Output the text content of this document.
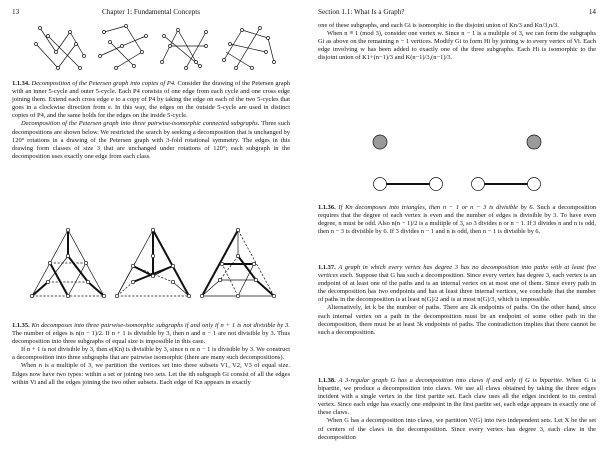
13	Chapter 1: Fundamental Concepts

1.1.34. Decomposition of the Petersen graph into copies of P4. Consider the drawing of the Petersen graph with an inner 5-cycle and outer 5-cycle. Each P4 consists of one edge from each cycle and one cross edge joining them. Extend each cross edge e to a copy of P4 by taking the edge on each of the two 5-cycles that goes in a clockwise direction from e. In this way, the edges on the outside 5-cycle are used in distinct copies of P4, and the same holds for the edges on the inside 5-cycle.

Decomposition of the Petersen graph into three pairwise-isomorphic connected subgraphs. Three such decompositions are shown below. We restricted the search by seeking a decomposition that is unchanged by 120° rotations in a drawing of the Petersen graph with 3-fold rotational symmetry. The edges in this drawing form classes of size 3 that are unchanged under rotations of 120°; each subgraph in the decomposition uses exactly one edge from each class.

1.1.35. Kn decomposes into three pairwise-isomorphic subgraphs if and only if n + 1 is not divisible by 3. The number of edges is n(n − 1)/2. If n + 1 is divisible by 3, then n and n − 1 are not divisible by 3. Thus decomposition into three subgraphs of equal size is impossible in this case.

If n + 1 is not divisible by 3, then e(Kn) is divisible by 3, since n or n − 1 is divisible by 3. We construct a decomposition into three subgraphs that are pairwise isomorphic (there are many such decompositions).

When n is a multiple of 3, we partition the vertices set into three subsets V1, V2, V3 of equal size. Edges now have two types: within a set or joining two sets. Let the ith subgraph Gi consist of all the edges within Vi and all the edges joining the two other subsets. Each edge of Kn appears in exactly

Section 1.1: What Is a Graph?	14

one of these subgraphs, and each Gi is isomorphic to the disjoint union of Kn/3 and Kn/3,n/3.

When n ≡ 1 (mod 3), consider one vertex w. Since n − 1 is a multiple of 3, we can form the subgraphs Gi as above on the remaining n − 1 vertices. Modify Gi to form Hi by joining w to every vertex of Vi. Each edge involving w has been added to exactly one of the three subgraphs. Each Hi is isomorphic to the disjoint union of K1+(n−1)/3 and K(n−1)/3,(n−1)/3.

1.1.36. If Kn decomposes into triangles, then n − 1 or n − 3 is divisible by 6. Such a decomposition requires that the degree of each vertex is even and the number of edges is divisible by 3. To have even degree, n must be odd. Also n(n − 1)/2 is a multiple of 3, so 3 divides n or n − 1. If 3 divides n and n is odd, then n − 3 is divisible by 6. If 3 divides n − 1 and n is odd, then n − 1 is divisible by 6.

1.1.37. A graph in which every vertex has degree 3 has no decomposition into paths with at least five vertices each. Suppose that G has such a decomposition. Since every vertex has degree 3, each vertex is an endpoint of at least one of the paths and is an internal vertex on at most one of them. Since every path in the decomposition has two endpoints and has at least three internal vertices, we conclude that the number of paths in the decomposition is at least n(G)/2 and is at most n(G)/3, which is impossible.

Alternatively, let k be the number of paths. There are 2k endpoints of paths. On the other hand, since each internal vertex on a path in the decomposition must be an endpoint of some other path in the decomposition, there must be at least 3k endpoints of paths. The contradiction implies that there cannot be such a decomposition.

1.1.38. A 3-regular graph G has a decomposition into claws if and only if G is bipartite. When G is bipartite, we produce a decomposition into claws. We use all claws obtained by taking the three edges incident with a single vertex in the first partite set. Each claw uses all the edges incident to its central vertex. Since each edge has exactly one endpoint in the first partite set, each edge appears in exactly one of these claws.

When G has a decomposition into claws, we partition V(G) into two independent sets. Let X be the set of centers of the claws in the decomposition. Since every vertex has degree 3, each claw in the decomposition
